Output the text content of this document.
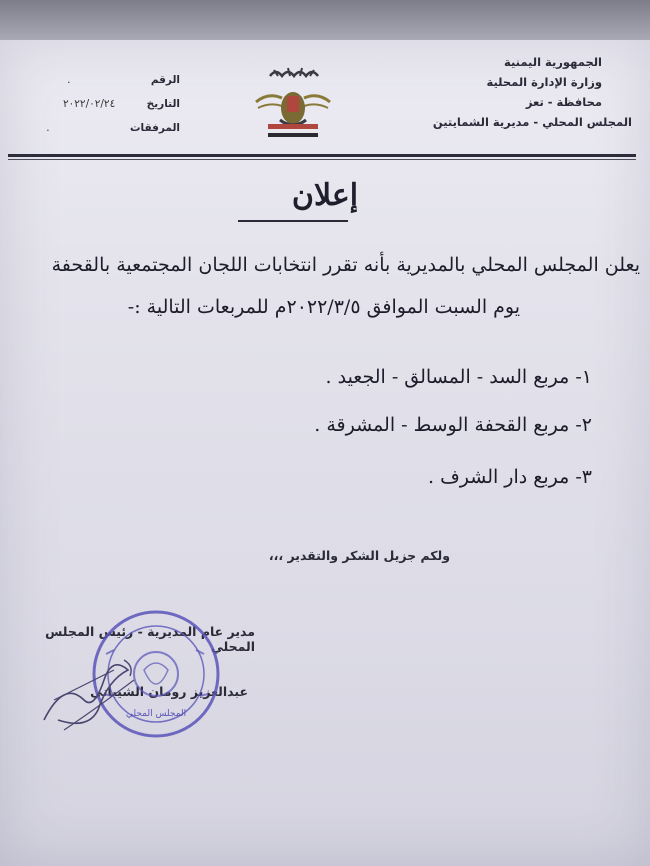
الجمهورية اليمنية
وزارة الإدارة المحلية
محافظة - تعز
المجلس المحلي - مديرية الشمايتين
الرقم .
التاريخ ٢٠٢٢/٠٢/٢٤
المرفقات .
إعلان
يعلن المجلس المحلي بالمديرية بأنه تقرر انتخابات اللجان المجتمعية بالقحفة
يوم السبت الموافق ٢٠٢٢/٣/٥م للمربعات التالية :-
١- مربع السد - المسالق - الجعيد .
٢- مربع القحفة الوسط - المشرقة .
٣- مربع دار الشرف .
ولكم جزيل الشكر والتقدير ،،،
مدير عام المديرية - رئيس المجلس المحلي
عبدالعزيز رومان الشيباني
المجلس المحلي
